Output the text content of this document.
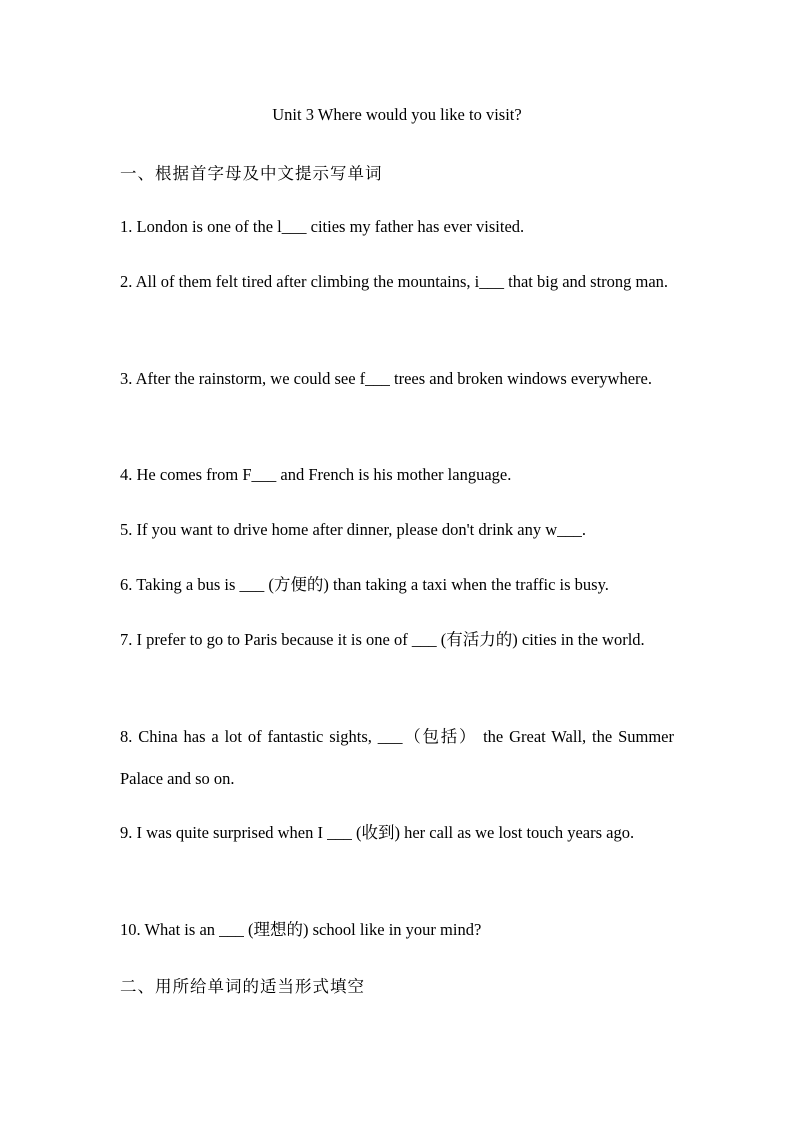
Unit 3 Where would you like to visit?
一、根据首字母及中文提示写单词
1. London is one of the l___ cities my father has ever visited.
2. All of them felt tired after climbing the mountains, i___ that big and strong man.
3. After the rainstorm, we could see f___ trees and broken windows everywhere.
4. He comes from F___ and French is his mother language.
5. If you want to drive home after dinner, please don't drink any w___.
6. Taking a bus is ___ (方便的) than taking a taxi when the traffic is busy.
7. I prefer to go to Paris because it is one of ___ (有活力的) cities in the world.
8. China has a lot of fantastic sights, ___（包括） the Great Wall, the Summer Palace and so on.
9. I was quite surprised when I ___ (收到) her call as we lost touch years ago.
10. What is an ___ (理想的) school like in your mind?
二、用所给单词的适当形式填空
